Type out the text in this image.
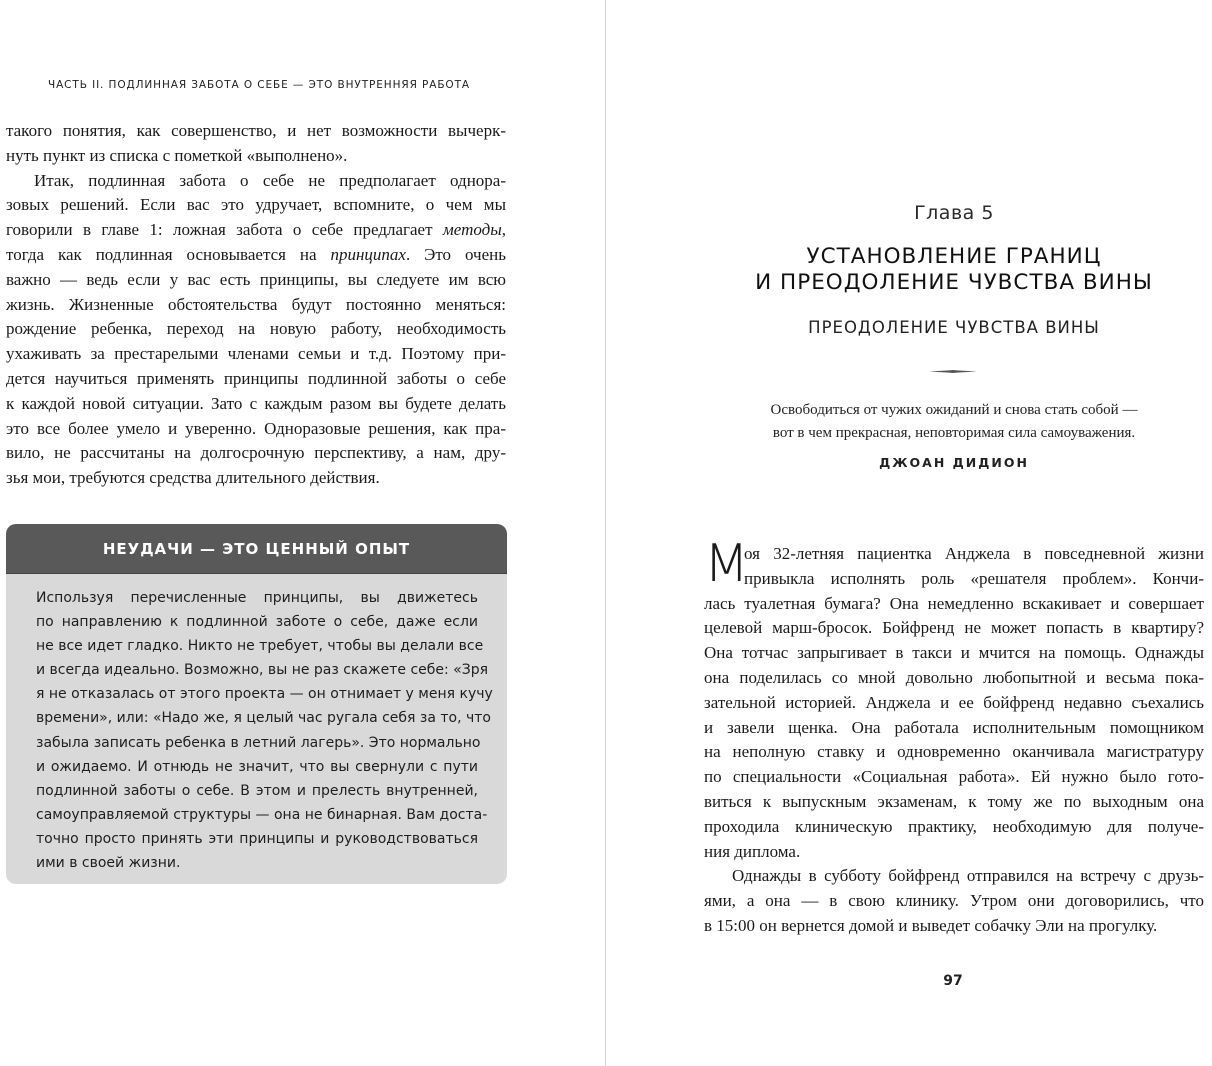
ЧАСТЬ II. ПОДЛИННАЯ ЗАБОТА О СЕБЕ — ЭТО ВНУТРЕННЯЯ РАБОТА

такого понятия, как совершенство, и нет возможности вычерк-
нуть пункт из списка с пометкой «выполнено».

Итак, подлинная забота о себе не предполагает однора-
зовых решений. Если вас это удручает, вспомните, о чем мы
говорили в главе 1: ложная забота о себе предлагает методы,
тогда как подлинная основывается на принципах. Это очень
важно — ведь если у вас есть принципы, вы следуете им всю
жизнь. Жизненные обстоятельства будут постоянно меняться:
рождение ребенка, переход на новую работу, необходимость
ухаживать за престарелыми членами семьи и т.д. Поэтому при-
дется научиться применять принципы подлинной заботы о себе
к каждой новой ситуации. Зато с каждым разом вы будете делать
это все более умело и уверенно. Одноразовые решения, как пра-
вило, не рассчитаны на долгосрочную перспективу, а нам, дру-
зья мои, требуются средства длительного действия.

НЕУДАЧИ — ЭТО ЦЕННЫЙ ОПЫТ
Используя перечисленные принципы, вы движетесь
по направлению к подлинной заботе о себе, даже если
не все идет гладко. Никто не требует, чтобы вы делали все
и всегда идеально. Возможно, вы не раз скажете себе: «Зря
я не отказалась от этого проекта — он отнимает у меня кучу
времени», или: «Надо же, я целый час ругала себя за то, что
забыла записать ребенка в летний лагерь». Это нормально
и ожидаемо. И отнюдь не значит, что вы свернули с пути
подлинной заботы о себе. В этом и прелесть внутренней,
самоуправляемой структуры — она не бинарная. Вам доста-
точно просто принять эти принципы и руководствоваться
ими в своей жизни.
Глава 5
УСТАНОВЛЕНИЕ ГРАНИЦ
И ПРЕОДОЛЕНИЕ ЧУВСТВА ВИНЫ
ПРЕОДОЛЕНИЕ ЧУВСТВА ВИНЫ
Освободиться от чужих ожиданий и снова стать собой —
вот в чем прекрасная, неповторимая сила самоуважения.
ДЖОАН ДИДИОН
М
оя 32-летняя пациентка Анджела в повседневной жизни
привыкла исполнять роль «решателя проблем». Кончи-
лась туалетная бумага? Она немедленно вскакивает и совершает
целевой марш-бросок. Бойфренд не может попасть в квартиру?
Она тотчас запрыгивает в такси и мчится на помощь. Однажды
она поделилась со мной довольно любопытной и весьма пока-
зательной историей. Анджела и ее бойфренд недавно съехались
и завели щенка. Она работала исполнительным помощником
на неполную ставку и одновременно оканчивала магистратуру
по специальности «Социальная работа». Ей нужно было гото-
виться к выпускным экзаменам, к тому же по выходным она
проходила клиническую практику, необходимую для получе-
ния диплома.
Однажды в субботу бойфренд отправился на встречу с друзь-
ями, а она — в свою клинику. Утром они договорились, что
в 15:00 он вернется домой и выведет собачку Эли на прогулку.
97
